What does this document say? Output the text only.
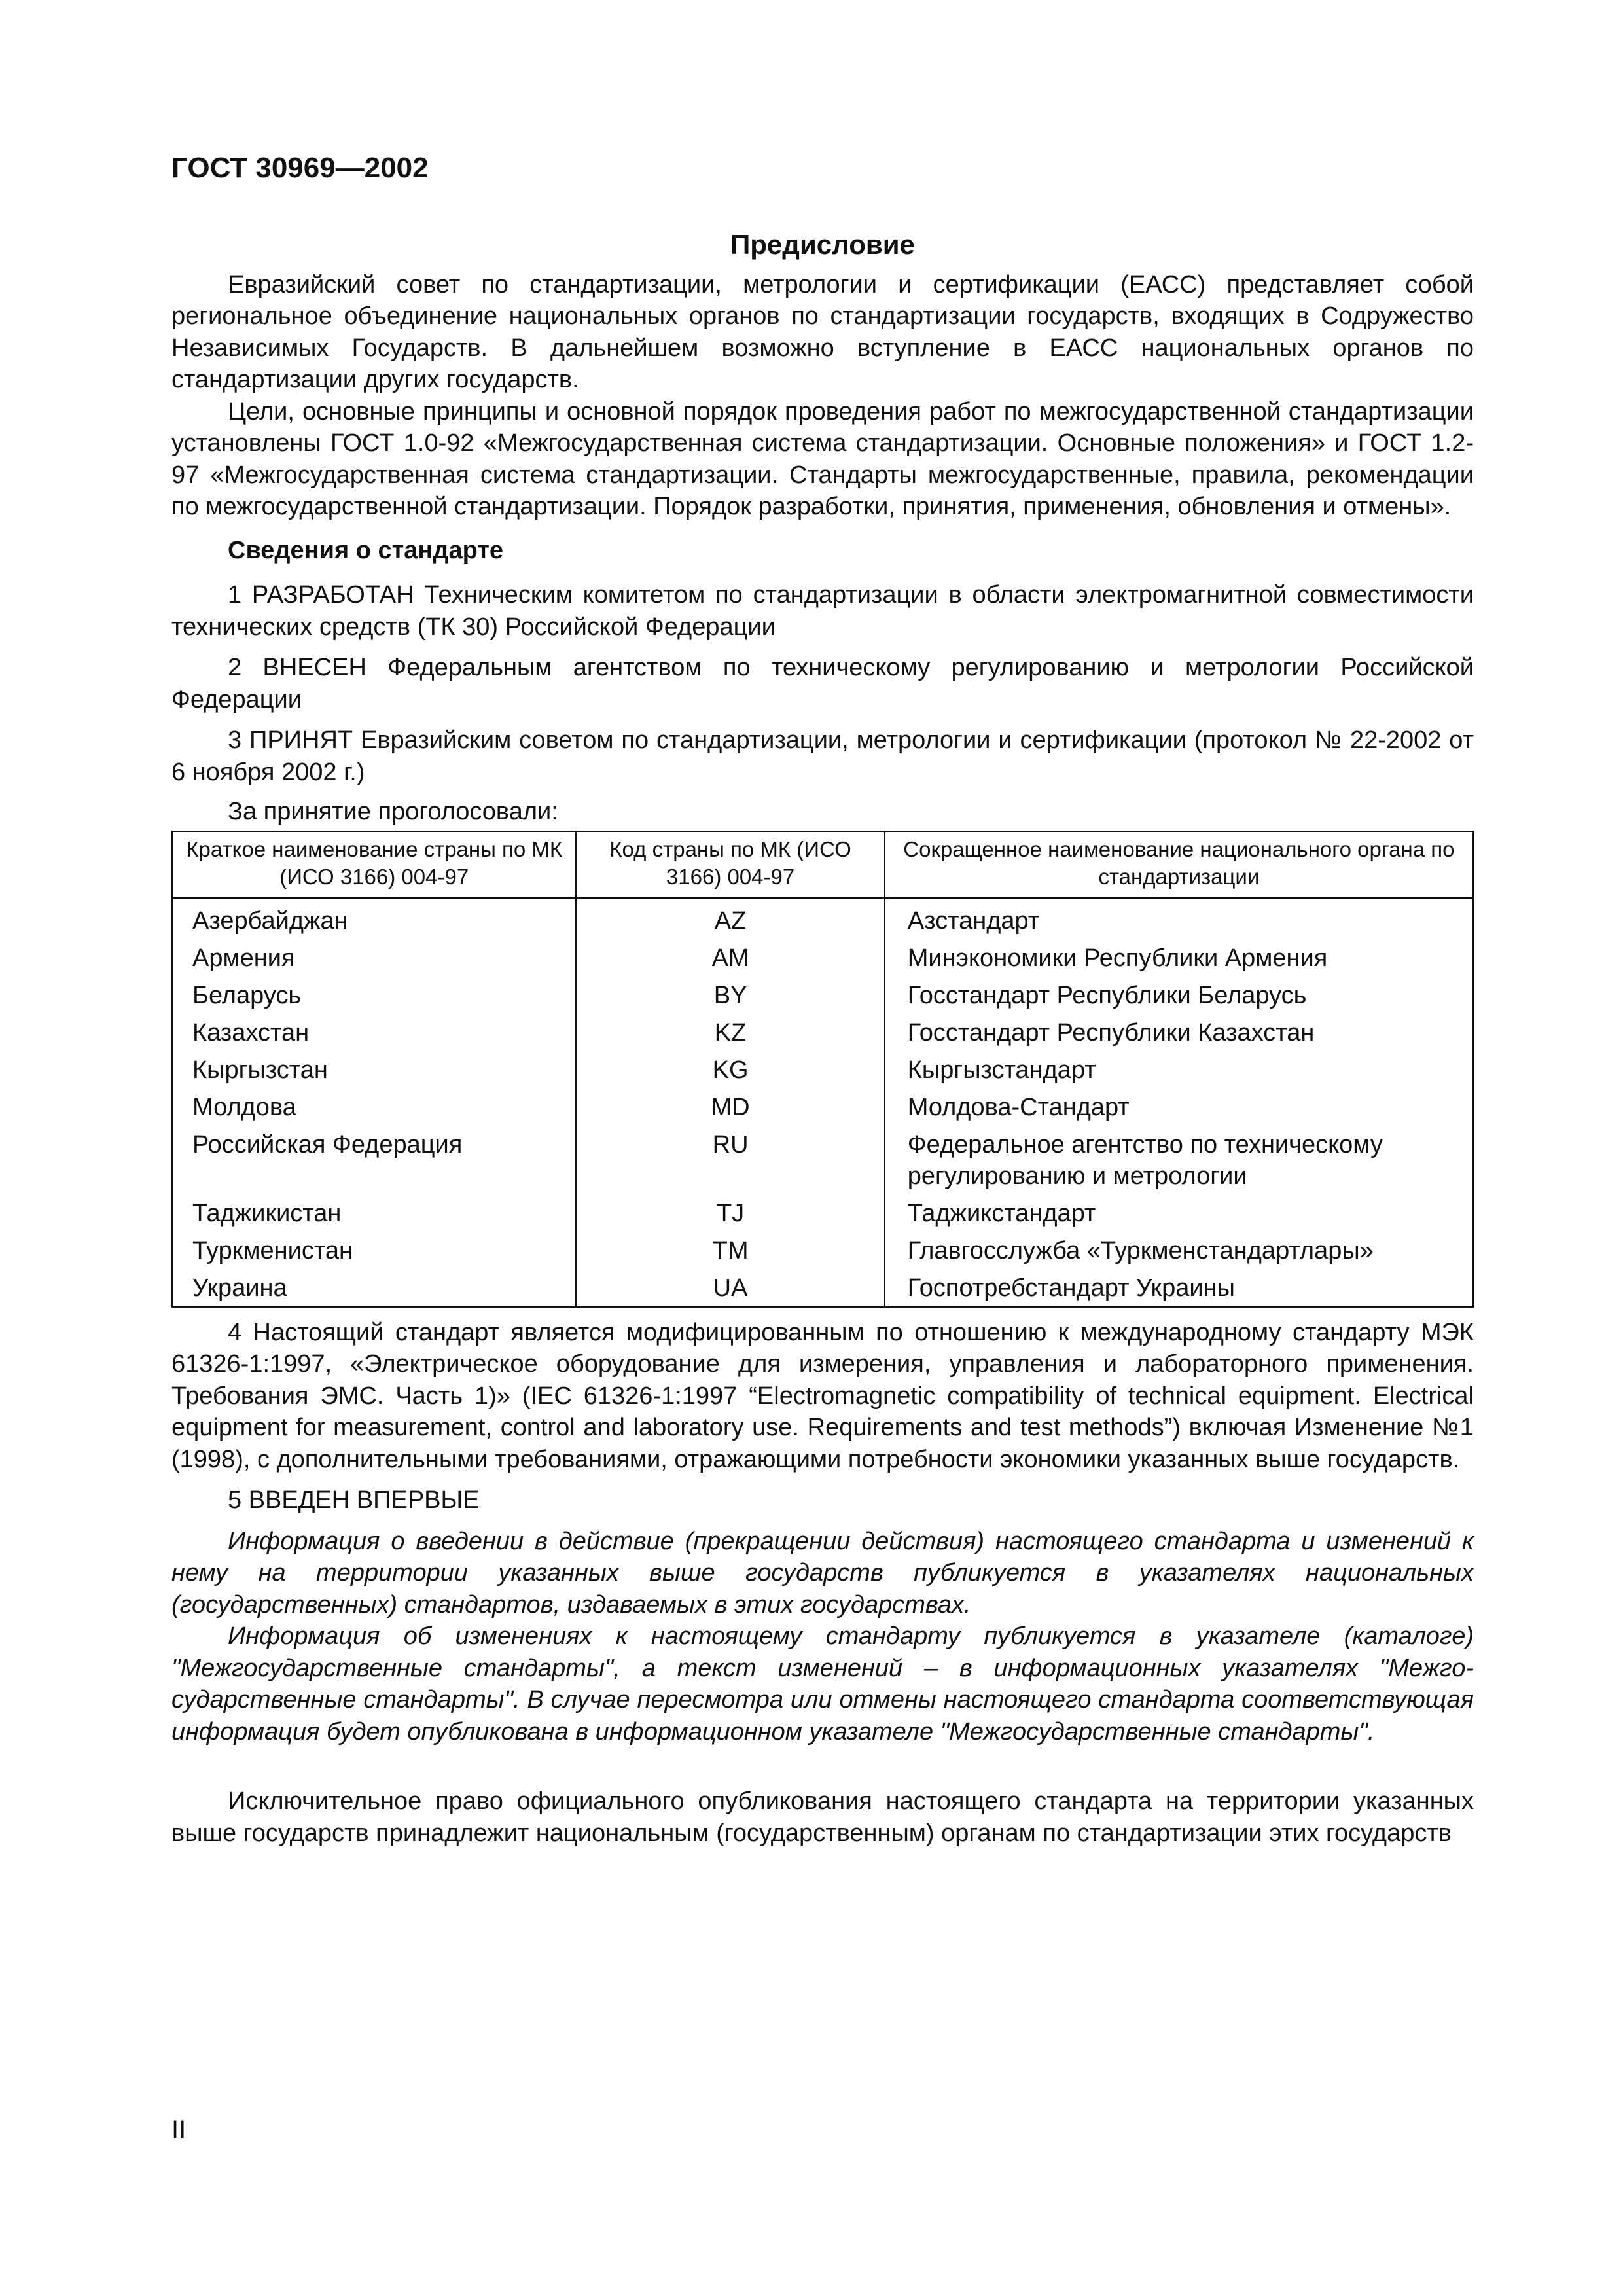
ГОСТ 30969—2002

Предисловие

Евразийский совет по стандартизации, метрологии и сертификации (ЕАСС) представляет собой региональное объединение национальных органов по стандартизации государств, входящих в Содружество Независимых Государств. В дальнейшем возможно вступление в ЕАСС национальных органов по стандартизации других государств.

Цели, основные принципы и основной порядок проведения работ по межгосударственной стандартизации установлены ГОСТ 1.0-92 «Межгосударственная система стандартизации. Основные положения» и ГОСТ 1.2-97 «Межгосударственная система стандартизации. Стандарты межгосударственные, правила, рекомендации по межгосударственной стандартизации. Порядок разработки, принятия, применения, обновления и отмены».

Сведения о стандарте

1 РАЗРАБОТАН Техническим комитетом по стандартизации в области электромагнитной совместимости технических средств (ТК 30) Российской Федерации

2 ВНЕСЕН Федеральным агентством по техническому регулированию и метрологии Российской Федерации

3 ПРИНЯТ Евразийским советом по стандартизации, метрологии и сертификации (протокол № 22-2002 от 6 ноября 2002 г.)

За принятие проголосовали:

Краткое наименование страны по МК (ИСО 3166) 004-97	Код страны по МК (ИСО 3166) 004-97	Сокращенное наименование национального органа по стандартизации
Азербайджан	AZ	Азстандарт
Армения	AM	Минэкономики Республики Армения
Беларусь	BY	Госстандарт Республики Беларусь
Казахстан	KZ	Госстандарт Республики Казахстан
Кыргызстан	KG	Кыргызстандарт
Молдова	MD	Молдова-Стандарт
Российская Федерация	RU	Федеральное агентство по техническому регулированию и метрологии
Таджикистан	TJ	Таджикстандарт
Туркменистан	TM	Главгосслужба «Туркменстандартлары»
Украина	UA	Госпотребстандарт Украины

4 Настоящий стандарт является модифицированным по отношению к международному стандарту МЭК 61326-1:1997, «Электрическое оборудование для измерения, управления и лабораторного применения. Требования ЭМС. Часть 1)» (IEC 61326-1:1997 “Electromagnetic compatibility of technical equipment. Electrical equipment for measurement, control and laboratory use. Requirements and test methods”) включая Изменение №1 (1998), с дополнительными требованиями, отражающими потребности экономики указанных выше государств.

5 ВВЕДЕН ВПЕРВЫЕ

Информация о введении в действие (прекращении действия) настоящего стандарта и изменений к нему на территории указанных выше государств публикуется в указателях национальных (государственных) стандартов, издаваемых в этих государствах.

Информация об изменениях к настоящему стандарту публикуется в указателе (каталоге) "Межгосударственные стандарты", а текст изменений – в информационных указателях "Межгосударственные стандарты". В случае пересмотра или отмены настоящего стандарта соответствующая информация будет опубликована в информационном указателе "Межгосударственные стандарты".

Исключительное право официального опубликования настоящего стандарта на территории указанных выше государств принадлежит национальным (государственным) органам по стандартизации этих государств

II
